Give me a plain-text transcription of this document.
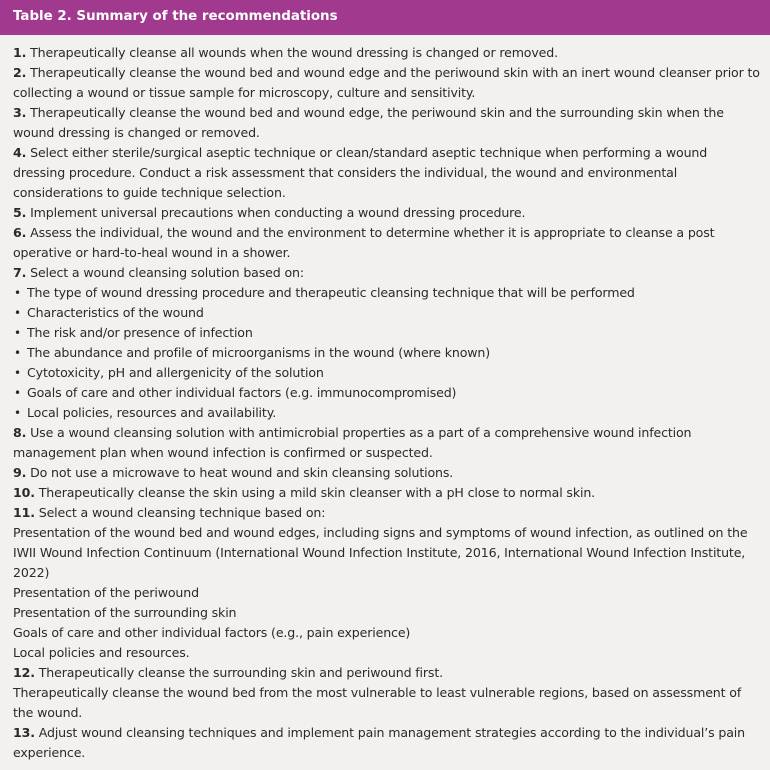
Table 2. Summary of the recommendations
1. Therapeutically cleanse all wounds when the wound dressing is changed or removed.
2. Therapeutically cleanse the wound bed and wound edge and the periwound skin with an inert wound cleanser prior to
collecting a wound or tissue sample for microscopy, culture and sensitivity.
3. Therapeutically cleanse the wound bed and wound edge, the periwound skin and the surrounding skin when the
wound dressing is changed or removed.
4. Select either sterile/surgical aseptic technique or clean/standard aseptic technique when performing a wound
dressing procedure. Conduct a risk assessment that considers the individual, the wound and environmental
considerations to guide technique selection.
5. Implement universal precautions when conducting a wound dressing procedure.
6. Assess the individual, the wound and the environment to determine whether it is appropriate to cleanse a post
operative or hard-to-heal wound in a shower.
7. Select a wound cleansing solution based on:
• The type of wound dressing procedure and therapeutic cleansing technique that will be performed
• Characteristics of the wound
• The risk and/or presence of infection
• The abundance and profile of microorganisms in the wound (where known)
• Cytotoxicity, pH and allergenicity of the solution
• Goals of care and other individual factors (e.g. immunocompromised)
• Local policies, resources and availability.
8. Use a wound cleansing solution with antimicrobial properties as a part of a comprehensive wound infection
management plan when wound infection is confirmed or suspected.
9. Do not use a microwave to heat wound and skin cleansing solutions.
10. Therapeutically cleanse the skin using a mild skin cleanser with a pH close to normal skin.
11. Select a wound cleansing technique based on:
Presentation of the wound bed and wound edges, including signs and symptoms of wound infection, as outlined on the
IWII Wound Infection Continuum (International Wound Infection Institute, 2016, International Wound Infection Institute,
2022)
Presentation of the periwound
Presentation of the surrounding skin
Goals of care and other individual factors (e.g., pain experience)
Local policies and resources.
12. Therapeutically cleanse the surrounding skin and periwound first.
Therapeutically cleanse the wound bed from the most vulnerable to least vulnerable regions, based on assessment of
the wound.
13. Adjust wound cleansing techniques and implement pain management strategies according to the individual’s pain
experience.
